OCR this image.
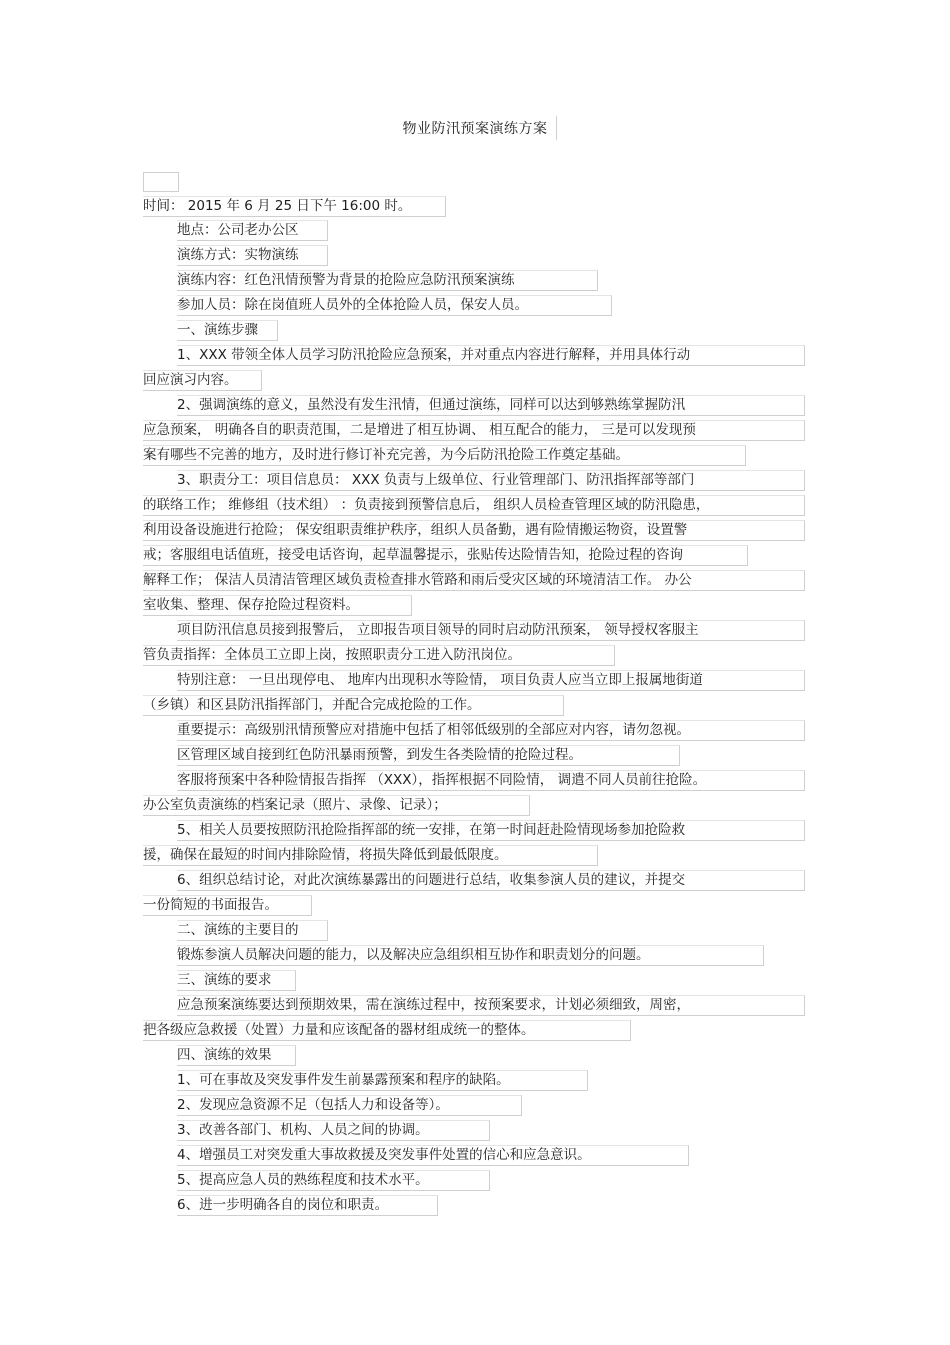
物业防汛预案演练方案
时间： 2015 年 6 月 25 日下午 16:00 时。
地点：公司老办公区
演练方式：实物演练
演练内容：红色汛情预警为背景的抢险应急防汛预案演练
参加人员：除在岗值班人员外的全体抢险人员，保安人员。
一、演练步骤
1、XXX 带领全体人员学习防汛抢险应急预案，并对重点内容进行解释，并用具体行动
回应演习内容。
2、强调演练的意义，虽然没有发生汛情，但通过演练，同样可以达到够熟练掌握防汛
应急预案， 明确各自的职责范围，二是增进了相互协调、 相互配合的能力， 三是可以发现预
案有哪些不完善的地方，及时进行修订补充完善，为今后防汛抢险工作奠定基础。
3、职责分工：项目信息员： XXX 负责与上级单位、行业管理部门、防汛指挥部等部门
的联络工作； 维修组（技术组） ：负责接到预警信息后， 组织人员检查管理区域的防汛隐患，
利用设备设施进行抢险； 保安组职责维护秩序，组织人员备勤，遇有险情搬运物资，设置警
戒；客服组电话值班，接受电话咨询，起草温馨提示，张贴传达险情告知，抢险过程的咨询
解释工作； 保洁人员清洁管理区域负责检查排水管路和雨后受灾区域的环境清洁工作。 办公
室收集、整理、保存抢险过程资料。
项目防汛信息员接到报警后， 立即报告项目领导的同时启动防汛预案， 领导授权客服主
管负责指挥：全体员工立即上岗，按照职责分工进入防汛岗位。
特别注意： 一旦出现停电、 地库内出现积水等险情， 项目负责人应当立即上报属地街道
（乡镇）和区县防汛指挥部门，并配合完成抢险的工作。
重要提示：高级别汛情预警应对措施中包括了相邻低级别的全部应对内容，请勿忽视。
区管理区域自接到红色防汛暴雨预警，到发生各类险情的抢险过程。
客服将预案中各种险情报告指挥 （XXX），指挥根据不同险情， 调遣不同人员前往抢险。
办公室负责演练的档案记录（照片、录像、记录）；
5、相关人员要按照防汛抢险指挥部的统一安排，在第一时间赶赴险情现场参加抢险救
援，确保在最短的时间内排除险情，将损失降低到最低限度。
6、组织总结讨论，对此次演练暴露出的问题进行总结，收集参演人员的建议，并提交
一份简短的书面报告。
二、演练的主要目的
锻炼参演人员解决问题的能力，以及解决应急组织相互协作和职责划分的问题。
三、演练的要求
应急预案演练要达到预期效果，需在演练过程中，按预案要求，计划必须细致，周密，
把各级应急救援（处置）力量和应该配备的器材组成统一的整体。
四、演练的效果
1、可在事故及突发事件发生前暴露预案和程序的缺陷。
2、发现应急资源不足（包括人力和设备等）。
3、改善各部门、机构、人员之间的协调。
4、增强员工对突发重大事故救援及突发事件处置的信心和应急意识。
5、提高应急人员的熟练程度和技术水平。
6、进一步明确各自的岗位和职责。
